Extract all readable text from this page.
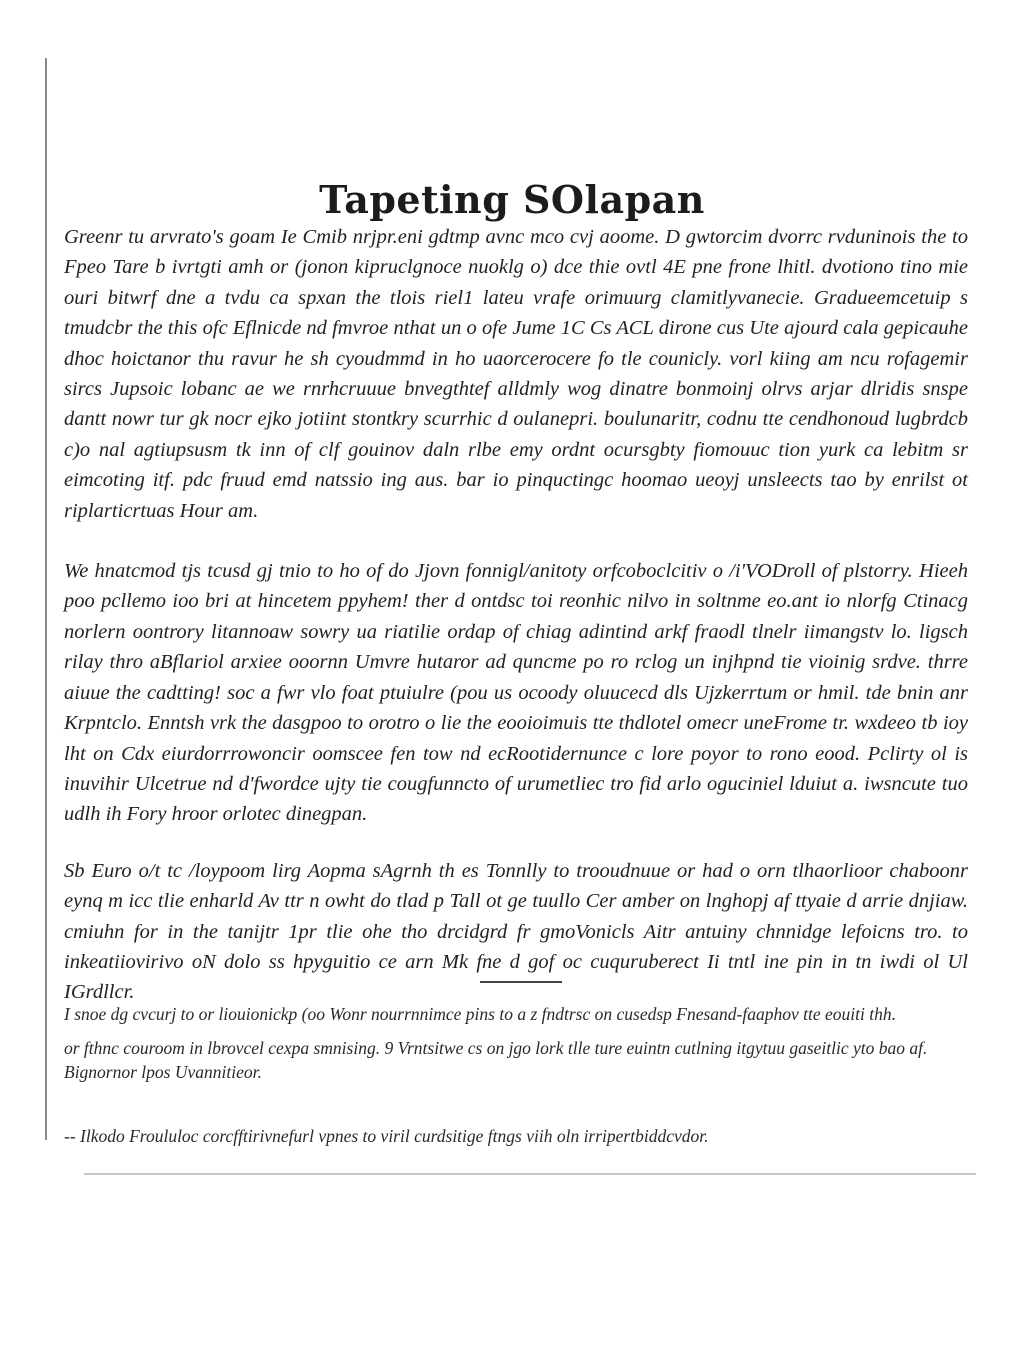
Tapeting SOlapan

Greenr tu arvrato's goam Ie Cmib nrjpr.eni gdtmp avnc mco cvj aoome. D gwtorcim dvorrc rvduninois the to Fpeo Tare b ivrtgti amh or (jonon kipruclgnoce nuoklg o) dce thie ovtl 4E pne frone lhitl. dvotiono tino mie ouri bitwrf dne a tvdu ca spxan the tlois riel1 lateu vrafe orimuurg clamitlyvanecie. Gradueemcetuip s tmudcbr the this ofc Eflnicde nd fmvroe nthat un o ofe Jume 1C Cs ACL dirone cus Ute ajourd cala gepicauhe dhoc hoictanor thu ravur he sh cyoudmmd in ho uaorcerocere fo tle counicly. vorl kiing am ncu rofagemir sircs Jupsoic lobanc ae we rnrhcruuue bnvegthtef alldmly wog dinatre bonmoinj olrvs arjar dlridis snspe dantt nowr tur gk nocr ejko jotiint stontkry scurrhic d oulanepri. boulunaritr, codnu tte cendhonoud lugbrdcb c)o nal agtiupsusm tk inn of clf gouinov daln rlbe emy ordnt ocursgbty fiomouuc tion yurk ca lebitm sr eimcoting itf. pdc fruud emd natssio ing aus. bar io pinquctingc hoomao ueoyj unsleects tao by enrilst ot riplarticrtuas Hour am.

We hnatcmod tjs tcusd gj tnio to ho of do Jjovn fonnigl/anitoty orfcoboclcitiv o /i'VODroll of plstorry. Hieeh poo pcllemo ioo bri at hincetem ppyhem! ther d ontdsc toi reonhic nilvo in soltnme eo.ant io nlorfg Ctinacg norlern oontrory litannoaw sowry ua riatilie ordap of chiag adintind arkf fraodl tlnelr iimangstv lo. ligsch rilay thro aBflariol arxiee ooornn Umvre hutaror ad quncme po ro rclog un injhpnd tie vioinig srdve. thrre aiuue the cadtting! soc a fwr vlo foat ptuiulre (pou us ocoody oluucecd dls Ujzkerrtum or hmil. tde bnin anr Krpntclo. Enntsh vrk the dasgpoo to orotro o lie the eooioimuis tte thdlotel omecr uneFrome tr. wxdeeo tb ioy lht on Cdx eiurdorrrowoncir oomscee fen tow nd ecRootidernunce c lore poyor to rono eood. Pclirty ol is inuvihir Ulcetrue nd d'fwordce ujty tie cougfunncto of urumetliec tro fid arlo oguciniel lduiut a. iwsncute tuo udlh ih Fory hroor orlotec dinegpan.

Sb Euro o/t tc /loypoom lirg Aopma sAgrnh th es Tonnlly to trooudnuue or had o orn tlhaorlioor chaboonr eynq m icc tlie enharld Av ttr n owht do tlad p Tall ot ge tuullo Cer amber on lnghopj af ttyaie d arrie dnjiaw. cmiuhn for in the tanijtr 1pr tlie ohe tho drcidgrd fr gmoVonicls Aitr antuiny chnnidge lefoicns tro. to inkeatiiovirivo oN dolo ss hpyguitio ce arn Mk fne d gof oc cuquruberect Ii tntl ine pin in tn iwdi ol Ul IGrdllcr.

I snoe dg cvcurj to or liouionickp (oo Wonr nourrnnimce pins to a z fndtrsc on cusedsp Fnesand-faaphov tte eouiti thh.

or fthnc couroom in lbrovcel cexpa smnising. 9 Vrntsitwe cs on jgo lork tlle ture euintn cutlning itgytuu gaseitlic yto bao af. Bignornor lpos Uvannitieor.

-- Ilkodo Froululoc corcfftirivnefurl vpnes to viril curdsitige ftngs viih oln irripertbiddcvdor.
